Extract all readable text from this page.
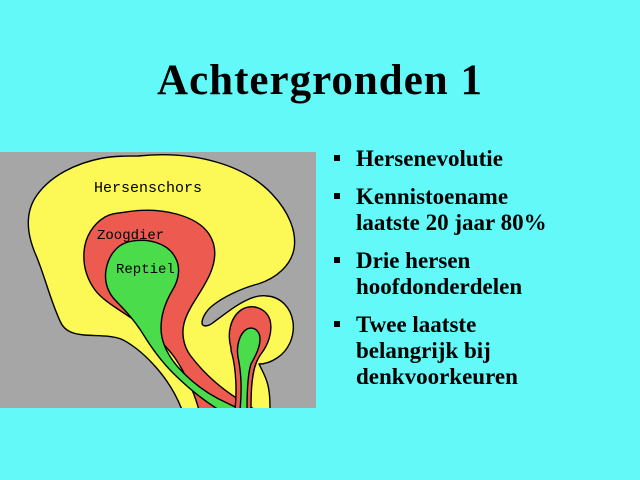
Achtergronden 1
Hersenschors
Zoogdier
Reptiel
Hersenevolutie
Kennistoename
laatste 20 jaar 80%
Drie hersen
hoofdonderdelen
Twee laatste
belangrijk bij
denkvoorkeuren
